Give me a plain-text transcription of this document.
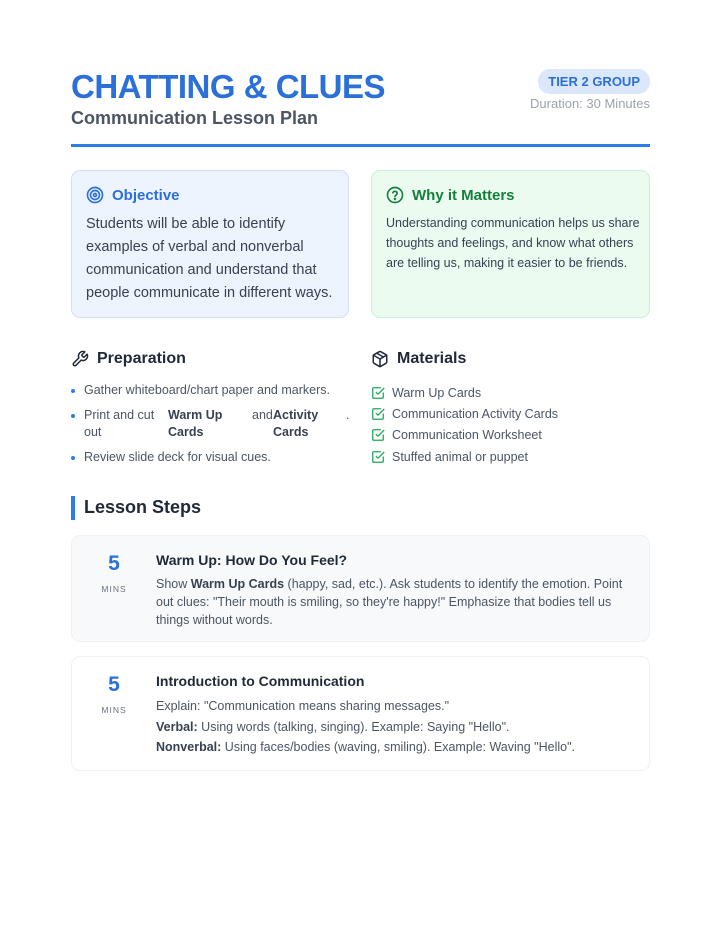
CHATTING & CLUES
Communication Lesson Plan
TIER 2 GROUP
Duration: 30 Minutes
Objective
Students will be able to identify examples of verbal and nonverbal communication and understand that people communicate in different ways.
Why it Matters
Understanding communication helps us share thoughts and feelings, and know what others are telling us, making it easier to be friends.
Preparation
Gather whiteboard/chart paper and markers.
Print and cut
out
Warm Up
Cards
and Activity
Cards
.
Review slide deck for visual cues.
Materials
Warm Up Cards
Communication Activity Cards
Communication Worksheet
Stuffed animal or puppet
Lesson Steps
5
MINS
Warm Up: How Do You Feel?
Show Warm Up Cards (happy, sad, etc.). Ask students to identify the emotion. Point out clues: "Their mouth is smiling, so they're happy!" Emphasize that bodies tell us things without words.
5
MINS
Introduction to Communication
Explain: "Communication means sharing messages."
Verbal: Using words (talking, singing). Example: Saying "Hello".
Nonverbal: Using faces/bodies (waving, smiling). Example: Waving "Hello".
